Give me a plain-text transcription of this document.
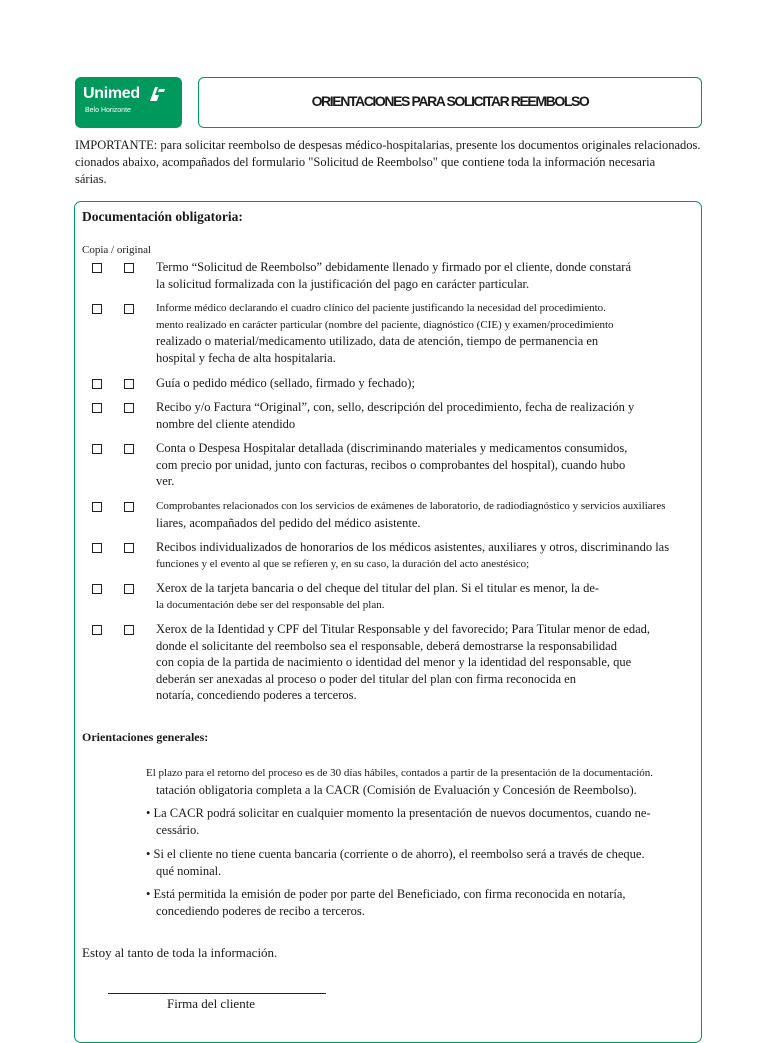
Unimed
Belo Horizonte
ORIENTACIONES PARA SOLICITAR REEMBOLSO

IMPORTANTE: para solicitar reembolso de despesas médico-hospitalarias, presente los documentos originales relacionados.

cionados abaixo, acompañados del formulario "Solicitud de Reembolso" que contiene toda la información necesaria

sárias.

Documentación obligatoria:
Copia / original
Termo “Solicitud de Reembolso” debidamente llenado y firmado por el cliente, donde constará
la solicitud formalizada con la justificación del pago en carácter particular.
Informe médico declarando el cuadro clínico del paciente justificando la necesidad del procedimiento.
mento realizado en carácter particular (nombre del paciente, diagnóstico (CIE) y examen/procedimiento
realizado o material/medicamento utilizado, data de atención, tiempo de permanencia en
hospital y fecha de alta hospitalaria.
Guía o pedido médico (sellado, firmado y fechado);
Recibo y/o Factura “Original”, con, sello, descripción del procedimiento, fecha de realización y
nombre del cliente atendido
Conta o Despesa Hospitalar detallada (discriminando materiales y medicamentos consumidos,
com precio por unidad, junto con facturas, recibos o comprobantes del hospital), cuando hubo
ver.
Comprobantes relacionados con los servicios de exámenes de laboratorio, de radiodiagnóstico y servicios auxiliares
liares, acompañados del pedido del médico asistente.
Recibos individualizados de honorarios de los médicos asistentes, auxiliares y otros, discriminando las
funciones y el evento al que se refieren y, en su caso, la duración del acto anestésico;
Xerox de la tarjeta bancaria o del cheque del titular del plan. Si el titular es menor, la de-
la documentación debe ser del responsable del plan.
Xerox de la Identidad y CPF del Titular Responsable y del favorecido; Para Titular menor de edad,
donde el solicitante del reembolso sea el responsable, deberá demostrarse la responsabilidad
con copia de la partida de nacimiento o identidad del menor y la identidad del responsable, que
deberán ser anexadas al proceso o poder del titular del plan con firma reconocida en
notaría, concediendo poderes a terceros.
Orientaciones generales:
El plazo para el retorno del proceso es de 30 días hábiles, contados a partir de la presentación de la documentación.
tatación obligatoria completa a la CACR (Comisión de Evaluación y Concesión de Reembolso).
• La CACR podrá solicitar en cualquier momento la presentación de nuevos documentos, cuando ne-
cessário.
• Si el cliente no tiene cuenta bancaria (corriente o de ahorro), el reembolso será a través de cheque.
qué nominal.
• Está permitida la emisión de poder por parte del Beneficiado, con firma reconocida en notaría,
concediendo poderes de recibo a terceros.
Estoy al tanto de toda la información.
Firma del cliente
